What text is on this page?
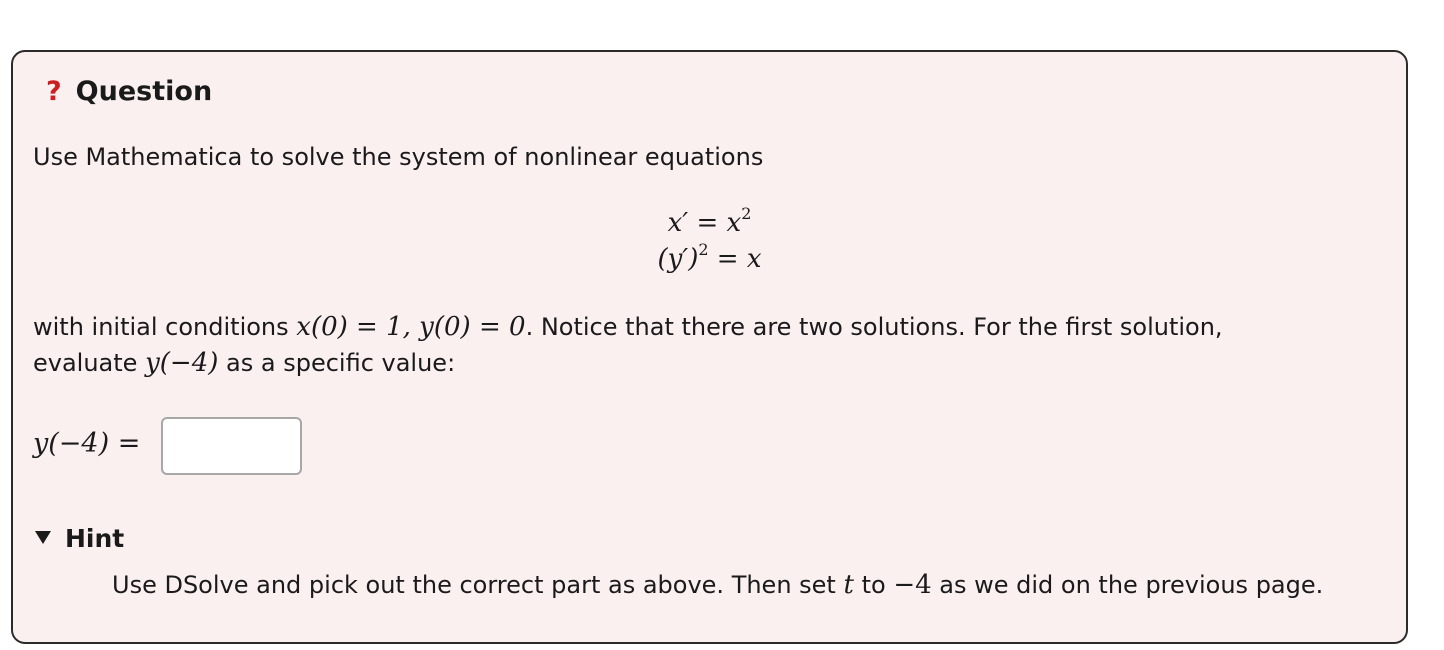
? Question
Use Mathematica to solve the system of nonlinear equations
$x' = x^2$
$(y')^2 = x$
with initial conditions x(0) = 1, y(0) = 0. Notice that there are two solutions. For the first solution,
evaluate y(−4) as a specific value:
y(−4) =
Hint
Use DSolve and pick out the correct part as above. Then set t to −4 as we did on the previous page.
